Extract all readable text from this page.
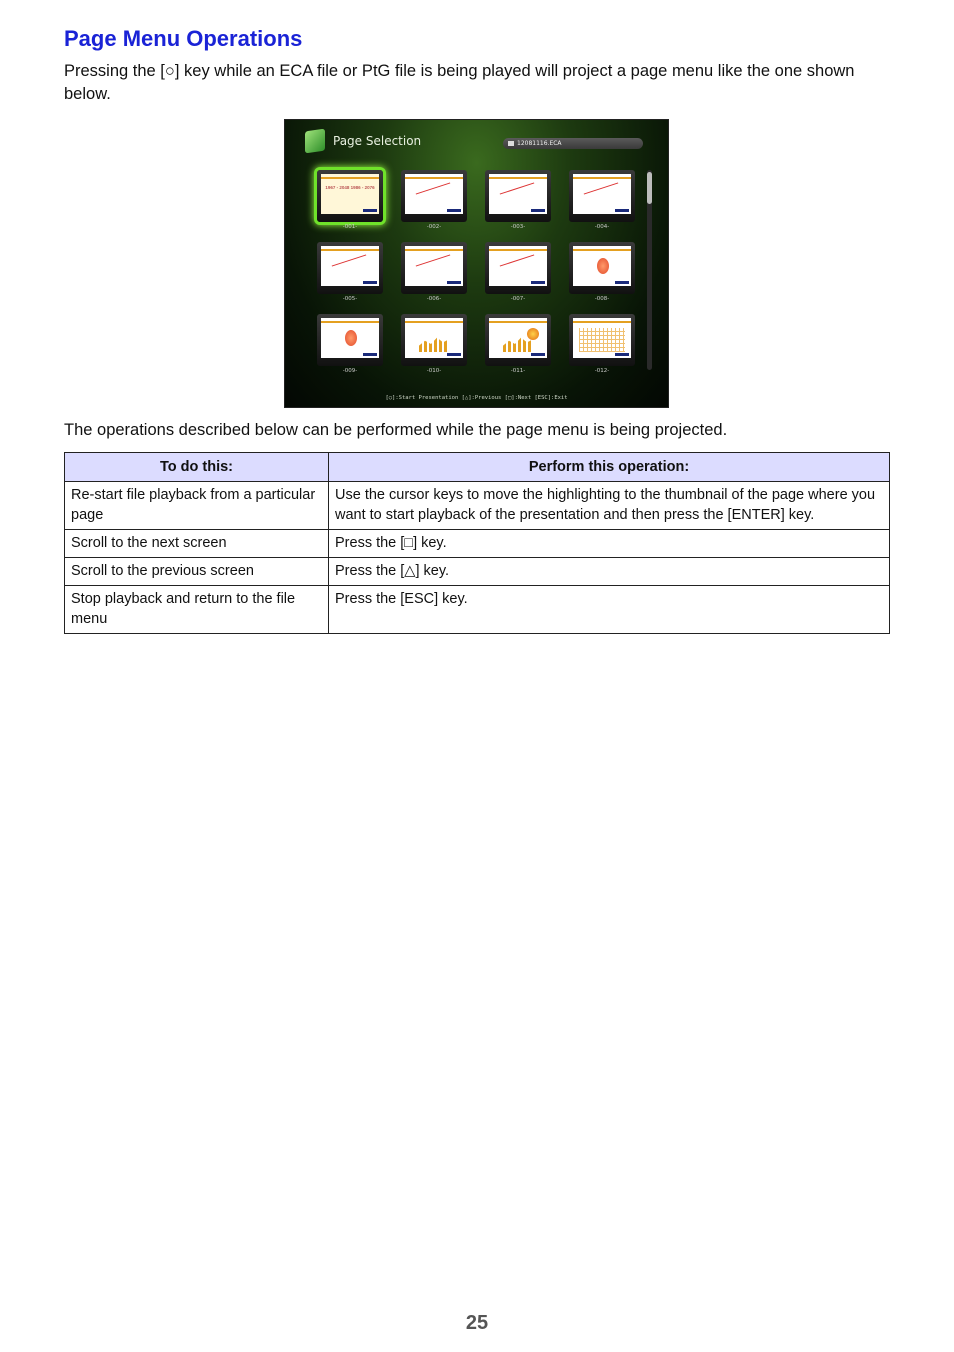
Page Menu Operations

Pressing the [○] key while an ECA file or PtG file is being played will project a page menu like the one shown below.

Page Selection	12081116.ECA
1967 - 2048 1986 - 2076
-001-	-002-	-003-	-004-
-005-	-006-	-007-	-008-
-009-	-010-	-011-	-012-
[○]:Start Presentation [△]:Previous [□]:Next [ESC]:Exit

The operations described below can be performed while the page menu is being projected.

To do this:	Perform this operation:
Re-start file playback from a particular page	Use the cursor keys to move the highlighting to the thumbnail of the page where you want to start playback of the presentation and then press the [ENTER] key.
Scroll to the next screen	Press the [□] key.
Scroll to the previous screen	Press the [△] key.
Stop playback and return to the file menu	Press the [ESC] key.
25
